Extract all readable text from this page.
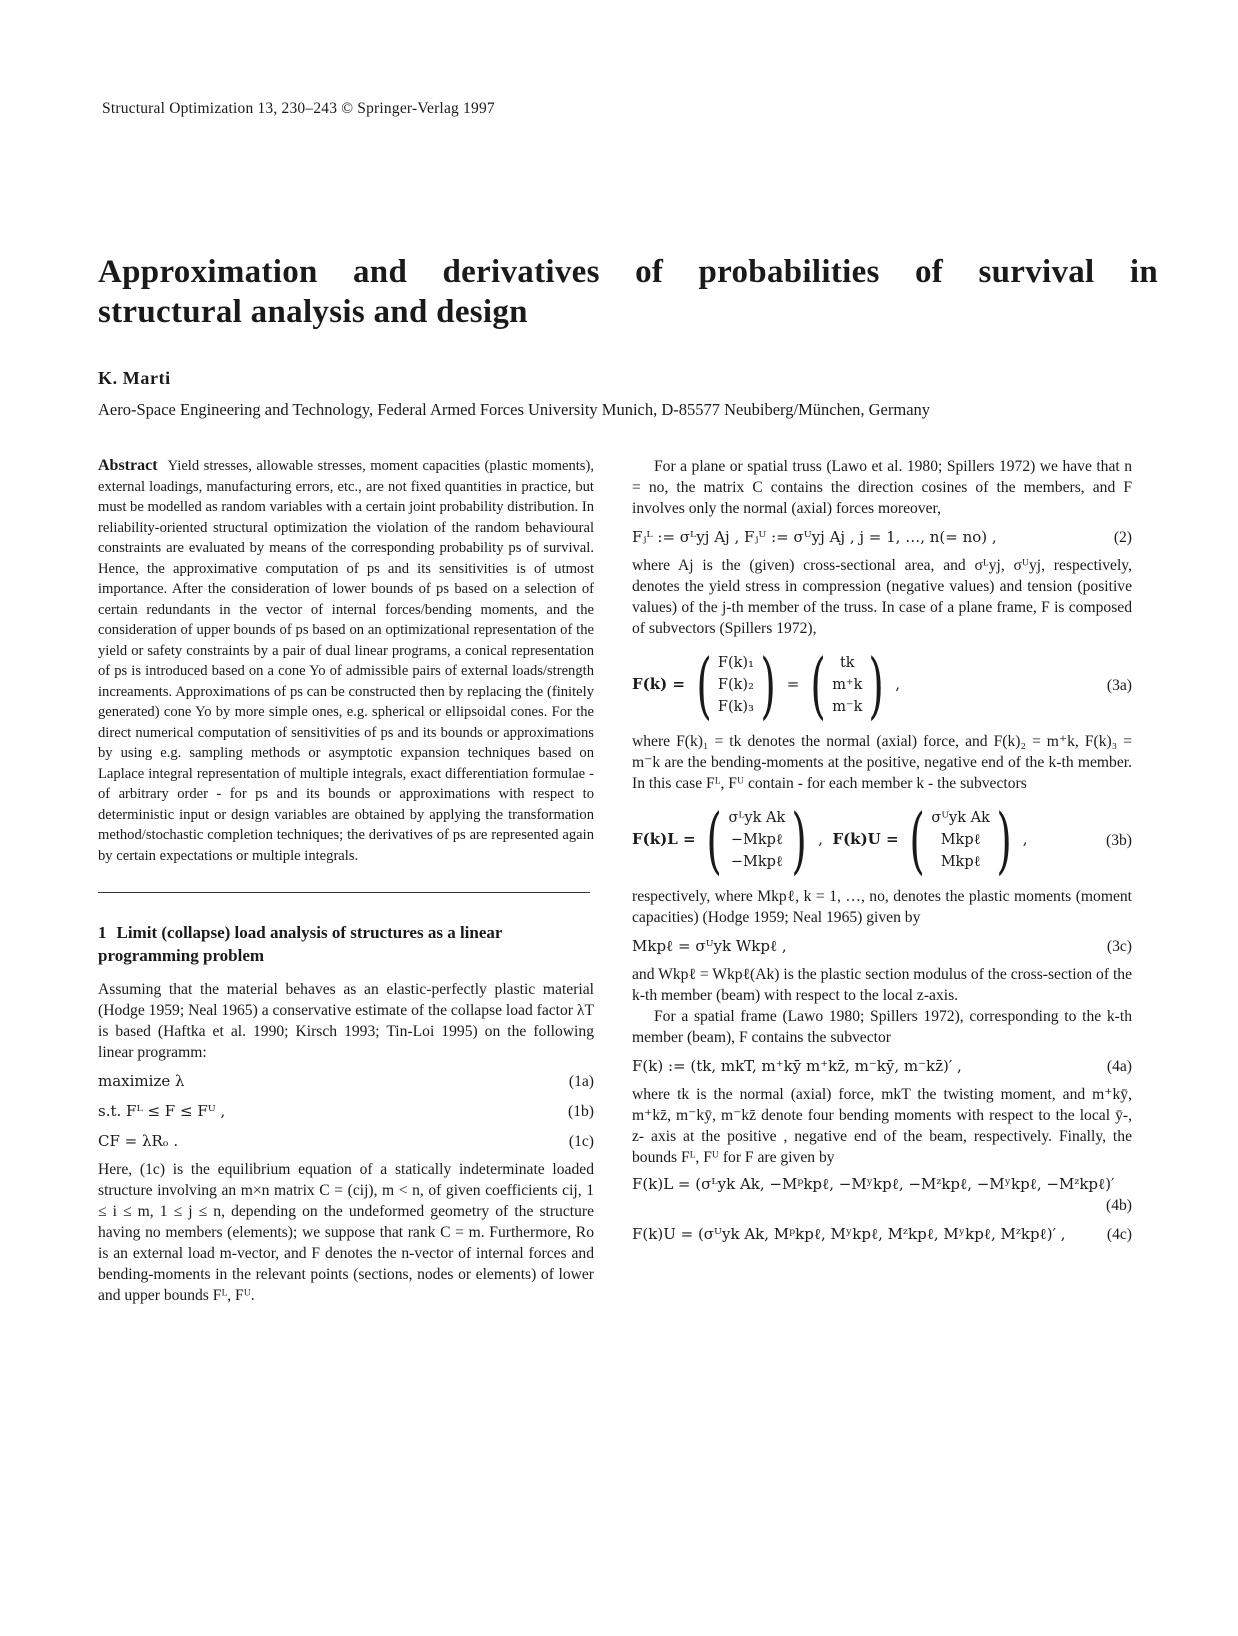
Structural Optimization 13, 230–243 © Springer-Verlag 1997
Approximation and derivatives of probabilities of survival in
structural analysis and design
K. Marti
Aero-Space Engineering and Technology, Federal Armed Forces University Munich, D-85577 Neubiberg/München, Germany

Abstract Yield stresses, allowable stresses, moment capacities (plastic moments), external loadings, manufacturing errors, etc., are not fixed quantities in practice, but must be modelled as random variables with a certain joint probability distribution. In reliability-oriented structural optimization the violation of the random behavioural constraints are evaluated by means of the corresponding probability ps of survival. Hence, the approximative computation of ps and its sensitivities is of utmost importance. After the consideration of lower bounds of ps based on a selection of certain redundants in the vector of internal forces/bending moments, and the consideration of upper bounds of ps based on an optimizational representation of the yield or safety constraints by a pair of dual linear programs, a conical representation of ps is introduced based on a cone Yo of admissible pairs of external loads/strength increaments. Approximations of ps can be constructed then by replacing the (finitely generated) cone Yo by more simple ones, e.g. spherical or ellipsoidal cones. For the direct numerical computation of sensitivities of ps and its bounds or approximations by using e.g. sampling methods or asymptotic expansion techniques based on Laplace integral representation of multiple integrals, exact differentiation formulae - of arbitrary order - for ps and its bounds or approximations with respect to deterministic input or design variables are obtained by applying the transformation method/stochastic completion techniques; the derivatives of ps are represented again by certain expectations or multiple integrals.

1 Limit (collapse) load analysis of structures as a linear programming problem

Assuming that the material behaves as an elastic-perfectly plastic material (Hodge 1959; Neal 1965) a conservative estimate of the collapse load factor λT is based (Haftka et al. 1990; Kirsch 1993; Tin-Loi 1995) on the following linear programm:

maximize λ	(1a)
s.t. Fᴸ ≤ F ≤ Fᵁ ,	(1b)
CF = λRₒ .	(1c)

Here, (1c) is the equilibrium equation of a statically indeterminate loaded structure involving an m×n matrix C = (cij), m < n, of given coefficients cij, 1 ≤ i ≤ m, 1 ≤ j ≤ n, depending on the undeformed geometry of the structure having no members (elements); we suppose that rank C = m. Furthermore, Ro is an external load m-vector, and F denotes the n-vector of internal forces and bending-moments in the relevant points (sections, nodes or elements) of lower and upper bounds Fᴸ, Fᵁ.

For a plane or spatial truss (Lawo et al. 1980; Spillers 1972) we have that n = no, the matrix C contains the direction cosines of the members, and F involves only the normal (axial) forces moreover,

Fⱼᴸ := σᴸyj Aj , Fⱼᵁ := σᵁyj Aj , j = 1, …, n(= no) ,	(2)

where Aj is the (given) cross-sectional area, and σᴸyj, σᵁyj, respectively, denotes the yield stress in compression (negative values) and tension (positive values) of the j-th member of the truss. In case of a plane frame, F is composed of subvectors (Spillers 1972),

F(k) = ( F(k)₁
F(k)₂
F(k)₃ ) = ( tk
m⁺k
m⁻k ) ,	(3a)

where F(k)₁ = tk denotes the normal (axial) force, and F(k)₂ = m⁺k, F(k)₃ = m⁻k are the bending-moments at the positive, negative end of the k-th member. In this case Fᴸ, Fᵁ contain - for each member k - the subvectors

F(k)L = ( σᴸyk Ak
−Mkpℓ
−Mkpℓ ) ,  F(k)U = ( σᵁyk Ak
Mkpℓ
Mkpℓ ) ,	(3b)

respectively, where Mkpℓ, k = 1, …, no, denotes the plastic moments (moment capacities) (Hodge 1959; Neal 1965) given by

Mkpℓ = σᵁyk Wkpℓ ,	(3c)

and Wkpℓ = Wkpℓ(Ak) is the plastic section modulus of the cross-section of the k-th member (beam) with respect to the local z-axis.

For a spatial frame (Lawo 1980; Spillers 1972), corresponding to the k-th member (beam), F contains the subvector

F(k) := (tk, mkT, m⁺kȳ m⁺kz̄, m⁻kȳ, m⁻kz̄)′ ,	(4a)

where tk is the normal (axial) force, mkT the twisting moment, and m⁺kȳ, m⁺kz̄, m⁻kȳ, m⁻kz̄ denote four bending moments with respect to the local ȳ-, z- axis at the positive , negative end of the beam, respectively. Finally, the bounds Fᴸ, Fᵁ for F are given by

F(k)L = (σᴸyk Ak, −Mᵖkpℓ, −Mʸkpℓ, −Mᶻkpℓ, −Mʸkpℓ, −Mᶻkpℓ)′
(4b)
F(k)U = (σᵁyk Ak, Mᵖkpℓ, Mʸkpℓ, Mᶻkpℓ, Mʸkpℓ, Mᶻkpℓ)′ ,	(4c)
